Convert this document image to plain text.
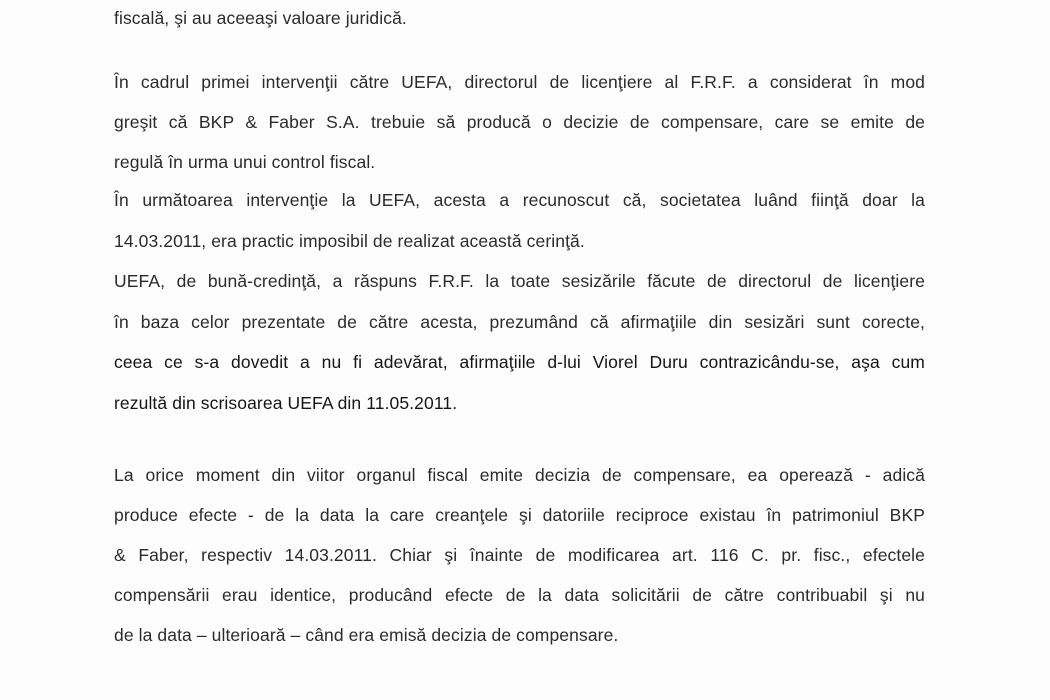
fiscală, şi au aceeaşi valoare juridică.
În cadrul primei intervenţii către UEFA, directorul de licenţiere al F.R.F. a considerat în mod
greşit că BKP & Faber S.A. trebuie să producă o decizie de compensare, care se emite de
regulă în urma unui control fiscal.
În următoarea intervenţie la UEFA, acesta a recunoscut că, societatea luând fiinţă doar la
14.03.2011, era practic imposibil de realizat această cerinţă.
UEFA, de bună-credinţă, a răspuns F.R.F. la toate sesizările făcute de directorul de licenţiere
în baza celor prezentate de către acesta, prezumând că afirmaţiile din sesizări sunt corecte,
ceea ce s-a dovedit a nu fi adevărat, afirmaţiile d-lui Viorel Duru contrazicându-se, aşa cum
rezultă din scrisoarea UEFA din 11.05.2011.
La orice moment din viitor organul fiscal emite decizia de compensare, ea operează - adică
produce efecte - de la data la care creanţele şi datoriile reciproce existau în patrimoniul BKP
& Faber, respectiv 14.03.2011. Chiar şi înainte de modificarea art. 116 C. pr. fisc., efectele
compensării erau identice, producând efecte de la data solicitării de către contribuabil şi nu
de la data – ulterioară – când era emisă decizia de compensare.
